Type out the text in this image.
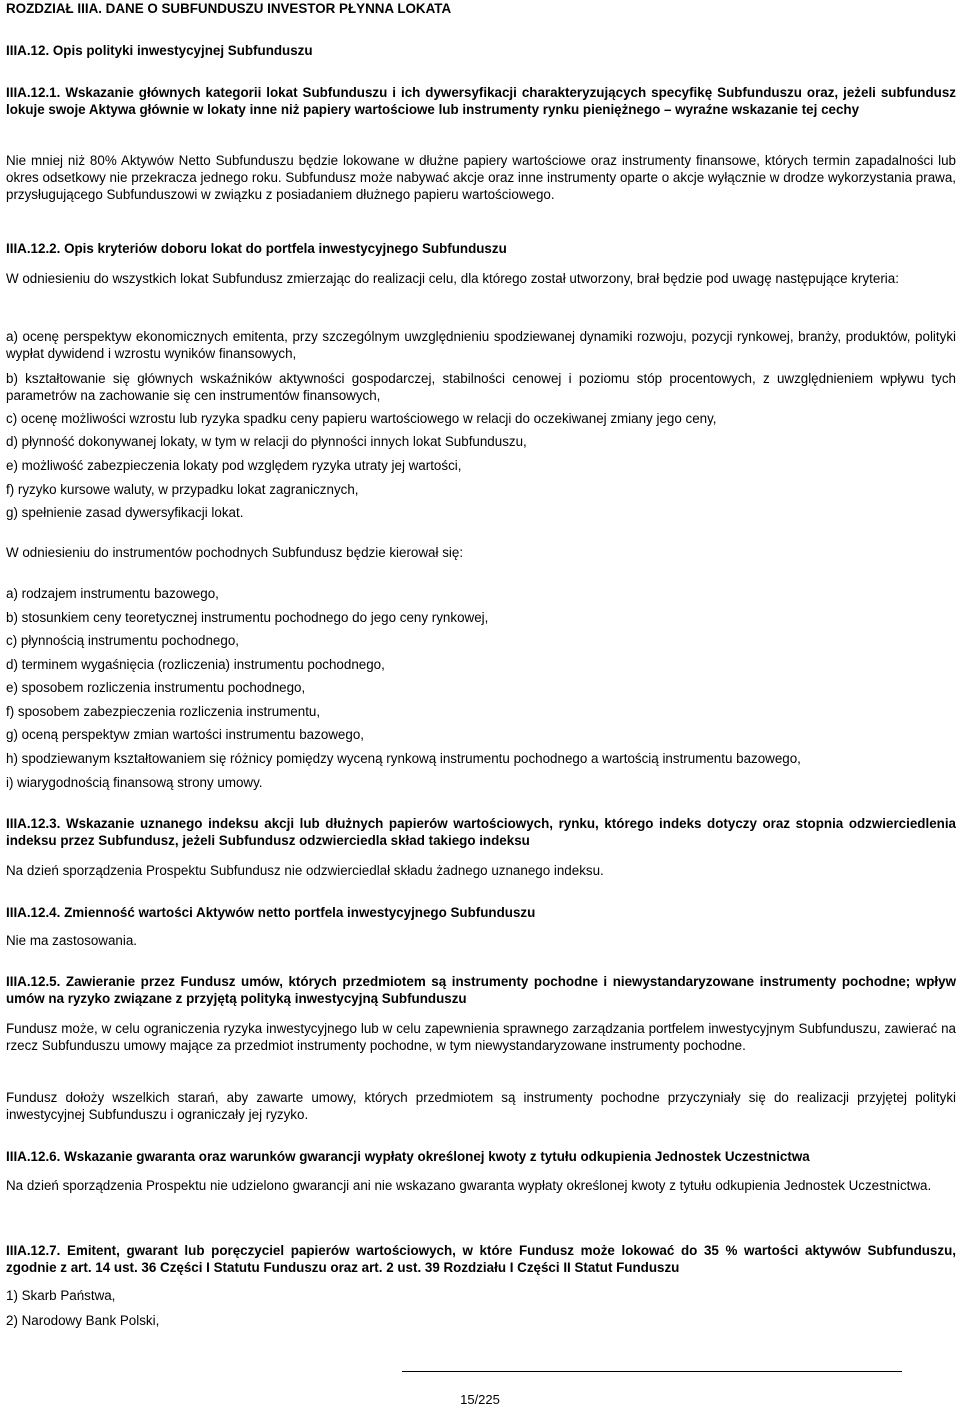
ROZDZIAŁ IIIA. DANE O SUBFUNDUSZU INVESTOR PŁYNNA LOKATA

IIIA.12. Opis polityki inwestycyjnej Subfunduszu

IIIA.12.1. Wskazanie głównych kategorii lokat Subfunduszu i ich dywersyfikacji charakteryzujących specyfikę Subfunduszu oraz, jeżeli subfundusz lokuje swoje Aktywa głównie w lokaty inne niż papiery wartościowe lub instrumenty rynku pieniężnego – wyraźne wskazanie tej cechy

Nie mniej niż 80% Aktywów Netto Subfunduszu będzie lokowane w dłużne papiery wartościowe oraz instrumenty finansowe, których termin zapadalności lub okres odsetkowy nie przekracza jednego roku. Subfundusz może nabywać akcje oraz inne instrumenty oparte o akcje wyłącznie w drodze wykorzystania prawa, przysługującego Subfunduszowi w związku z posiadaniem dłużnego papieru wartościowego.

IIIA.12.2. Opis kryteriów doboru lokat do portfela inwestycyjnego Subfunduszu

W odniesieniu do wszystkich lokat Subfundusz zmierzając do realizacji celu, dla którego został utworzony, brał będzie pod uwagę następujące kryteria:

a) ocenę perspektyw ekonomicznych emitenta, przy szczególnym uwzględnieniu spodziewanej dynamiki rozwoju, pozycji rynkowej, branży, produktów, polityki wypłat dywidend i wzrostu wyników finansowych,

b) kształtowanie się głównych wskaźników aktywności gospodarczej, stabilności cenowej i poziomu stóp procentowych, z uwzględnieniem wpływu tych parametrów na zachowanie się cen instrumentów finansowych,

c) ocenę możliwości wzrostu lub ryzyka spadku ceny papieru wartościowego w relacji do oczekiwanej zmiany jego ceny,

d) płynność dokonywanej lokaty, w tym w relacji do płynności innych lokat Subfunduszu,

e) możliwość zabezpieczenia lokaty pod względem ryzyka utraty jej wartości,

f) ryzyko kursowe waluty, w przypadku lokat zagranicznych,

g) spełnienie zasad dywersyfikacji lokat.

W odniesieniu do instrumentów pochodnych Subfundusz będzie kierował się:

a) rodzajem instrumentu bazowego,

b) stosunkiem ceny teoretycznej instrumentu pochodnego do jego ceny rynkowej,

c) płynnością instrumentu pochodnego,

d) terminem wygaśnięcia (rozliczenia) instrumentu pochodnego,

e) sposobem rozliczenia instrumentu pochodnego,

f) sposobem zabezpieczenia rozliczenia instrumentu,

g) oceną perspektyw zmian wartości instrumentu bazowego,

h) spodziewanym kształtowaniem się różnicy pomiędzy wyceną rynkową instrumentu pochodnego a wartością instrumentu bazowego,

i) wiarygodnością finansową strony umowy.

IIIA.12.3. Wskazanie uznanego indeksu akcji lub dłużnych papierów wartościowych, rynku, którego indeks dotyczy oraz stopnia odzwierciedlenia indeksu przez Subfundusz, jeżeli Subfundusz odzwierciedla skład takiego indeksu

Na dzień sporządzenia Prospektu Subfundusz nie odzwierciedlał składu żadnego uznanego indeksu.

IIIA.12.4. Zmienność wartości Aktywów netto portfela inwestycyjnego Subfunduszu

Nie ma zastosowania.

IIIA.12.5. Zawieranie przez Fundusz umów, których przedmiotem są instrumenty pochodne i niewystandaryzowane instrumenty pochodne; wpływ umów na ryzyko związane z przyjętą polityką inwestycyjną Subfunduszu

Fundusz może, w celu ograniczenia ryzyka inwestycyjnego lub w celu zapewnienia sprawnego zarządzania portfelem inwestycyjnym Subfunduszu, zawierać na rzecz Subfunduszu umowy mające za przedmiot instrumenty pochodne, w tym niewystandaryzowane instrumenty pochodne.

Fundusz dołoży wszelkich starań, aby zawarte umowy, których przedmiotem są instrumenty pochodne przyczyniały się do realizacji przyjętej polityki inwestycyjnej Subfunduszu i ograniczały jej ryzyko.

IIIA.12.6. Wskazanie gwaranta oraz warunków gwarancji wypłaty określonej kwoty z tytułu odkupienia Jednostek Uczestnictwa

Na dzień sporządzenia Prospektu nie udzielono gwarancji ani nie wskazano gwaranta wypłaty określonej kwoty z tytułu odkupienia Jednostek Uczestnictwa.

IIIA.12.7. Emitent, gwarant lub poręczyciel papierów wartościowych, w które Fundusz może lokować do 35 % wartości aktywów Subfunduszu, zgodnie z art. 14 ust. 36 Części I Statutu Funduszu oraz art. 2 ust. 39 Rozdziału I Części II Statut Funduszu

1) Skarb Państwa,

2) Narodowy Bank Polski,

15/225
